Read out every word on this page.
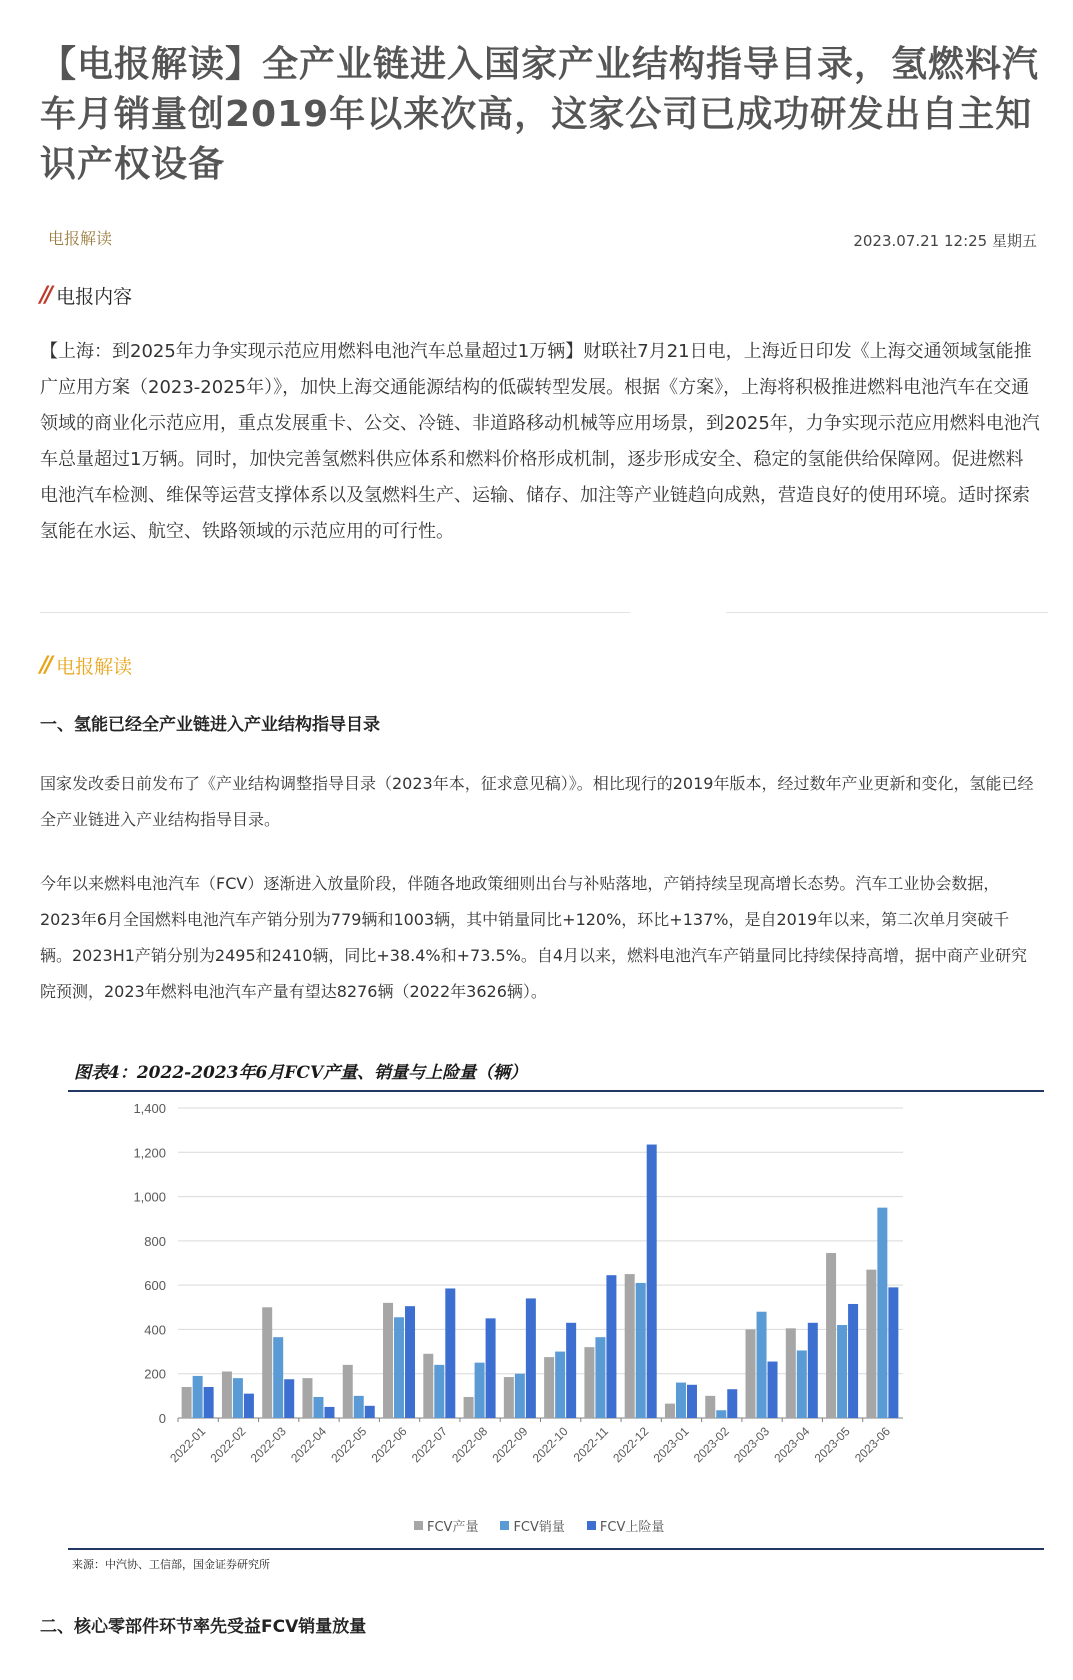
【电报解读】全产业链进入国家产业结构指导目录，氢燃料汽车月销量创2019年以来次高，这家公司已成功研发出自主知识产权设备
电报解读	2023.07.21 12:25 星期五
// 电报内容
【上海：到2025年力争实现示范应用燃料电池汽车总量超过1万辆】财联社7月21日电，上海近日印发《上海交通领域氢能推广应用方案（2023-2025年）》，加快上海交通能源结构的低碳转型发展。根据《方案》，上海将积极推进燃料电池汽车在交通领域的商业化示范应用，重点发展重卡、公交、冷链、非道路移动机械等应用场景，到2025年，力争实现示范应用燃料电池汽车总量超过1万辆。同时，加快完善氢燃料供应体系和燃料价格形成机制，逐步形成安全、稳定的氢能供给保障网。促进燃料电池汽车检测、维保等运营支撑体系以及氢燃料生产、运输、储存、加注等产业链趋向成熟，营造良好的使用环境。适时探索氢能在水运、航空、铁路领域的示范应用的可行性。
// 电报解读
一、氢能已经全产业链进入产业结构指导目录
国家发改委日前发布了《产业结构调整指导目录（2023年本，征求意见稿）》。相比现行的2019年版本，经过数年产业更新和变化，氢能已经全产业链进入产业结构指导目录。
今年以来燃料电池汽车（FCV）逐渐进入放量阶段，伴随各地政策细则出台与补贴落地，产销持续呈现高增长态势。汽车工业协会数据，2023年6月全国燃料电池汽车产销分别为779辆和1003辆，其中销量同比+120%，环比+137%，是自2019年以来，第二次单月突破千辆。2023H1产销分别为2495和2410辆，同比+38.4%和+73.5%。自4月以来，燃料电池汽车产销量同比持续保持高增，据中商产业研究院预测，2023年燃料电池汽车产量有望达8276辆（2022年3626辆）。
图表4：2022-2023年6月FCV产量、销量与上险量（辆）
0
200
400
600
800
1,000
1,200
1,400
2022-01 2022-02 2022-03 2022-04 2022-05 2022-06 2022-07 2022-08 2022-09 2022-10 2022-11 2022-12 2023-01 2023-02 2023-03 2023-04 2023-05 2023-06
FCV产量	FCV销量	FCV上险量
来源：中汽协、工信部，国金证券研究所
二、核心零部件环节率先受益FCV销量放量
